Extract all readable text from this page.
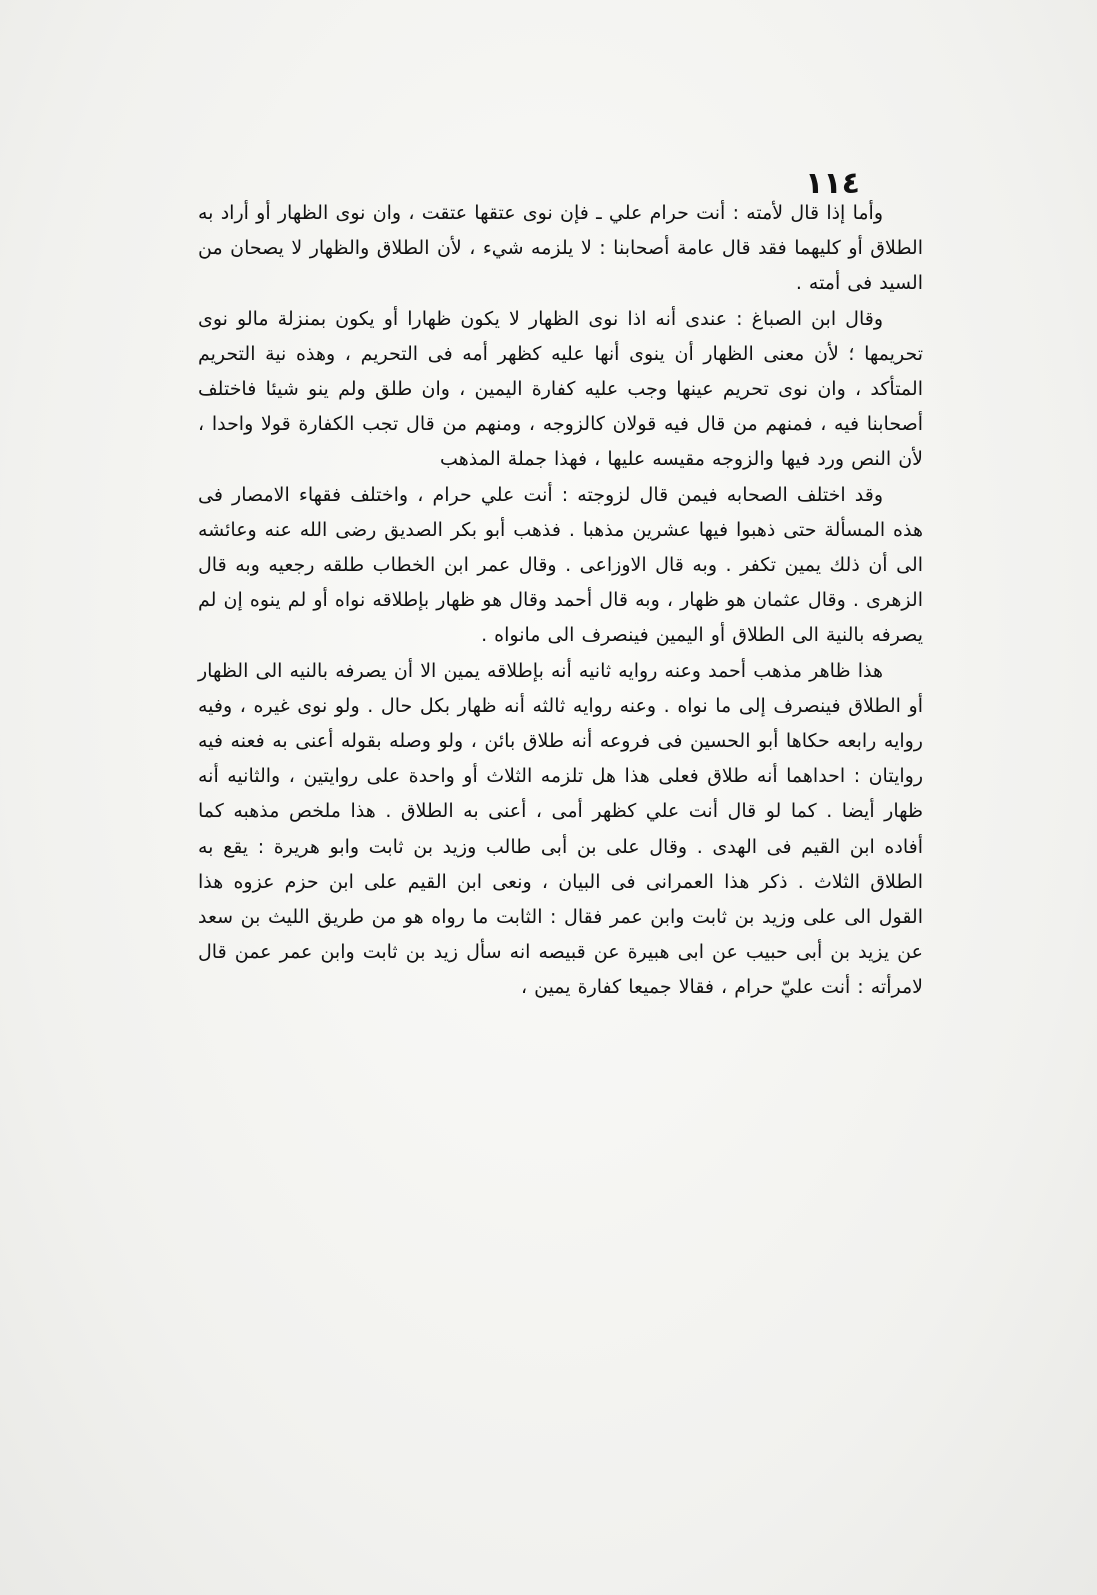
١١٤

وأما إذا قال لأمته : أنت حرام علي ـ فإن نوى عتقها عتقت ، وان نوى الظهار أو أراد به الطلاق أو كليهما فقد قال عامة أصحابنا : لا يلزمه شيء ، لأن الطلاق والظهار لا يصحان من السيد فى أمته .

وقال ابن الصباغ : عندى أنه اذا نوى الظهار لا يكون ظهارا أو يكون بمنزلة مالو نوى تحريمها ؛ لأن معنى الظهار أن ينوى أنها عليه كظهر أمه فى التحريم ، وهذه نية التحريم المتأكد ، وان نوى تحريم عينها وجب عليه كفارة اليمين ، وان طلق ولم ينو شيئا فاختلف أصحابنا فيه ، فمنهم من قال فيه قولان كالزوجه ، ومنهم من قال تجب الكفارة قولا واحدا ، لأن النص ورد فيها والزوجه مقيسه عليها ، فهذا جملة المذهب

وقد اختلف الصحابه فيمن قال لزوجته : أنت علي حرام ، واختلف فقهاء الامصار فى هذه المسألة حتى ذهبوا فيها عشرين مذهبا . فذهب أبو بكر الصديق رضى الله عنه وعائشه الى أن ذلك يمين تكفر . وبه قال الاوزاعى . وقال عمر ابن الخطاب طلقه رجعيه وبه قال الزهرى . وقال عثمان هو ظهار ، وبه قال أحمد وقال هو ظهار بإطلاقه نواه أو لم ينوه إن لم يصرفه بالنية الى الطلاق أو اليمين فينصرف الى مانواه .

هذا ظاهر مذهب أحمد وعنه روايه ثانيه أنه بإطلاقه يمين الا أن يصرفه بالنيه الى الظهار أو الطلاق فينصرف إلى ما نواه . وعنه روايه ثالثه أنه ظهار بكل حال . ولو نوى غيره ، وفيه روايه رابعه حكاها أبو الحسين فى فروعه أنه طلاق بائن ، ولو وصله بقوله أعنى به فعنه فيه روايتان : احداهما أنه طلاق فعلى هذا هل تلزمه الثلاث أو واحدة على روايتين ، والثانيه أنه ظهار أيضا . كما لو قال أنت علي كظهر أمى ، أعنى به الطلاق . هذا ملخص مذهبه كما أفاده ابن القيم فى الهدى . وقال على بن أبى طالب وزيد بن ثابت وابو هريرة : يقع به الطلاق الثلاث . ذكر هذا العمرانى فى البيان ، ونعى ابن القيم على ابن حزم عزوه هذا القول الى على وزيد بن ثابت وابن عمر فقال : الثابت ما رواه هو من طريق الليث بن سعد عن يزيد بن أبى حبيب عن ابى هبيرة عن قبيصه انه سأل زيد بن ثابت وابن عمر عمن قال لامرأته : أنت عليّ حرام ، فقالا جميعا كفارة يمين ،
